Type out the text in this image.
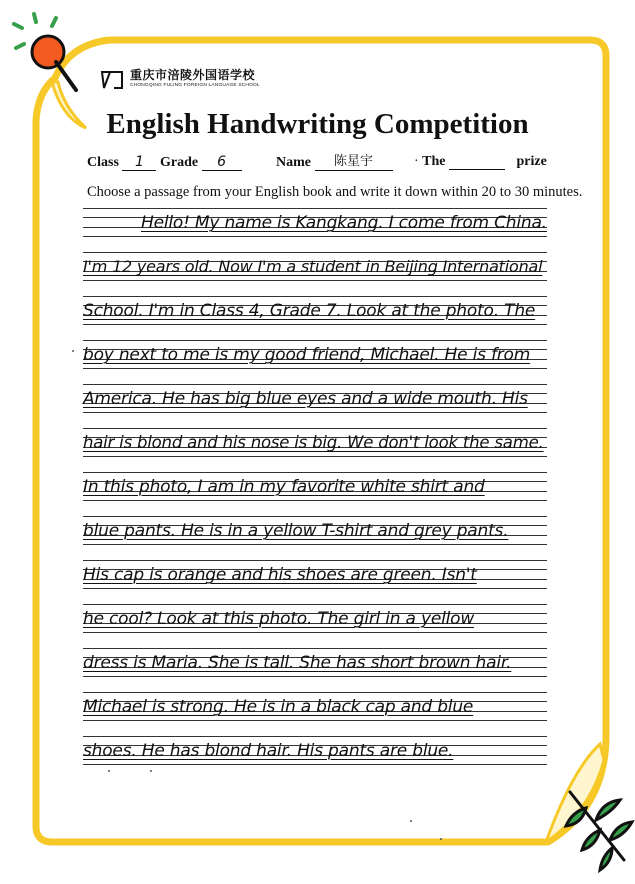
重庆市涪陵外国语学校
CHONGQING FULING FOREIGN LANGUAGE SCHOOL
English Handwriting Competition
Class 1	Grade 6	Name 陈星宇	· The	prize
Choose a passage from your English book and write it down within 20 to 30 minutes.
Hello! My name is Kangkang. I come from China.
I'm 12 years old. Now I'm a student in Beijing International
School. I'm in Class 4, Grade 7. Look at the photo. The
boy next to me is my good friend, Michael. He is from
America. He has big blue eyes and a wide mouth. His
hair is blond and his nose is big. We don't look the same.
In this photo, I am in my favorite white shirt and
blue pants. He is in a yellow T-shirt and grey pants.
His cap is orange and his shoes are green. Isn't
he cool? Look at this photo. The girl in a yellow
dress is Maria. She is tall. She has short brown hair.
Michael is strong. He is in a black cap and blue
shoes. He has blond hair. His pants are blue.
